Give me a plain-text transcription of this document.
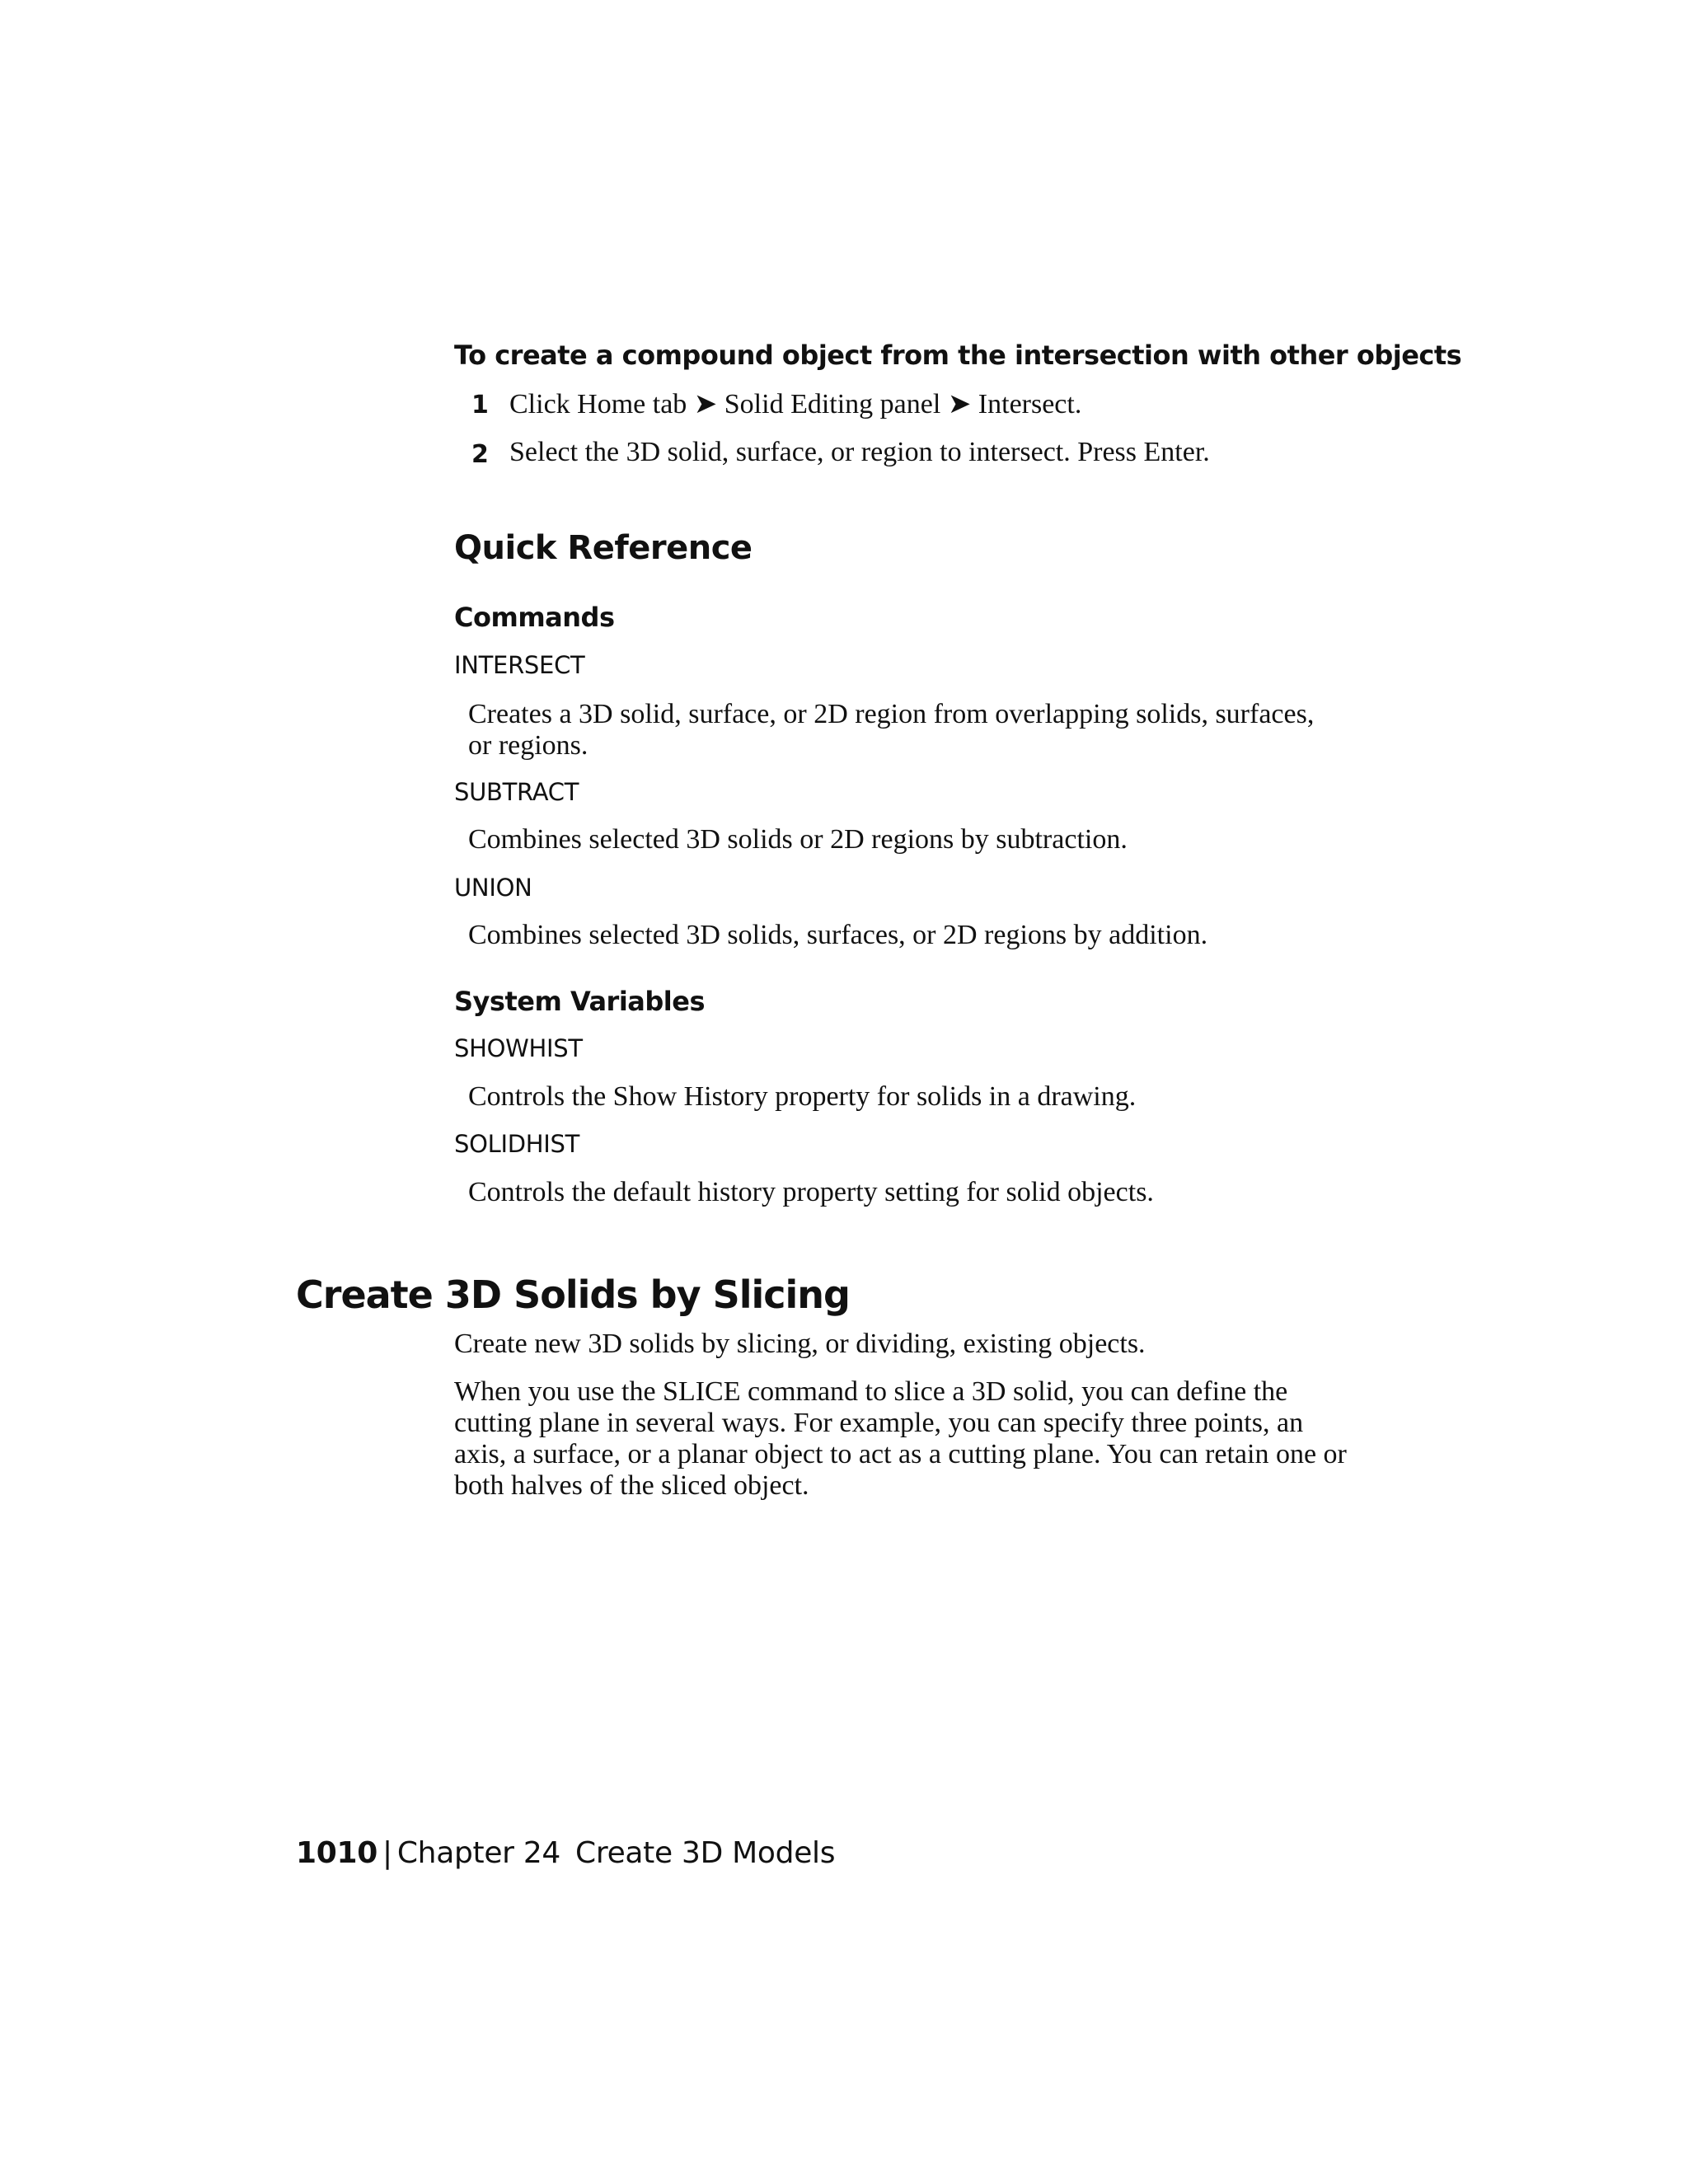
To create a compound object from the intersection with other objects
1 Click Home tab ➤ Solid Editing panel ➤ Intersect.
2 Select the 3D solid, surface, or region to intersect. Press Enter.
Quick Reference
Commands
INTERSECT
Creates a 3D solid, surface, or 2D region from overlapping solids, surfaces, or regions.
SUBTRACT
Combines selected 3D solids or 2D regions by subtraction.
UNION
Combines selected 3D solids, surfaces, or 2D regions by addition.
System Variables
SHOWHIST
Controls the Show History property for solids in a drawing.
SOLIDHIST
Controls the default history property setting for solid objects.
Create 3D Solids by Slicing
Create new 3D solids by slicing, or dividing, existing objects.
When you use the SLICE command to slice a 3D solid, you can define the cutting plane in several ways. For example, you can specify three points, an axis, a surface, or a planar object to act as a cutting plane. You can retain one or both halves of the sliced object.
1010 | Chapter 24 Create 3D Models
